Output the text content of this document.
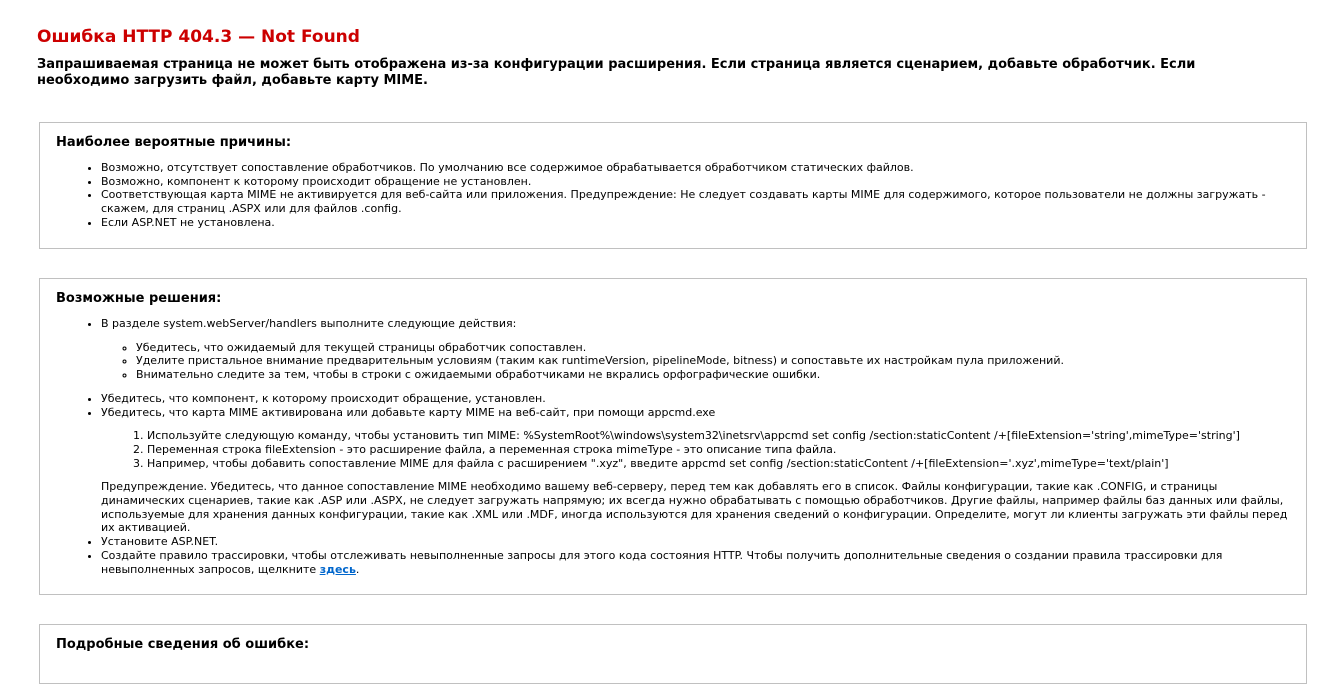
Ошибка HTTP 404.3 — Not Found
Запрашиваемая страница не может быть отображена из-за конфигурации расширения. Если страница является сценарием, добавьте обработчик. Если необходимо загрузить файл, добавьте карту MIME.
Наиболее вероятные причины:
• Возможно, отсутствует сопоставление обработчиков. По умолчанию все содержимое обрабатывается обработчиком статических файлов.
• Возможно, компонент к которому происходит обращение не установлен.
• Соответствующая карта MIME не активируется для веб-сайта или приложения. Предупреждение: Не следует создавать карты MIME для содержимого, которое пользователи не должны загружать - скажем, для страниц .ASPX или для файлов .config.
• Если ASP.NET не установлена.
Возможные решения:
• В разделе system.webServer/handlers выполните следующие действия:
◦ Убедитесь, что ожидаемый для текущей страницы обработчик сопоставлен.
◦ Уделите пристальное внимание предварительным условиям (таким как runtimeVersion, pipelineMode, bitness) и сопоставьте их настройкам пула приложений.
◦ Внимательно следите за тем, чтобы в строки с ожидаемыми обработчиками не вкрались орфографические ошибки.
• Убедитесь, что компонент, к которому происходит обращение, установлен.
• Убедитесь, что карта MIME активирована или добавьте карту MIME на веб-сайт, при помощи appcmd.exe
1. Используйте следующую команду, чтобы установить тип MIME: %SystemRoot%\windows\system32\inetsrv\appcmd set config /section:staticContent /+[fileExtension='string',mimeType='string']
2. Переменная строка fileExtension - это расширение файла, а переменная строка mimeType - это описание типа файла.
3. Например, чтобы добавить сопоставление MIME для файла с расширением ".xyz", введите appcmd set config /section:staticContent /+[fileExtension='.xyz',mimeType='text/plain']

Предупреждение. Убедитесь, что данное сопоставление MIME необходимо вашему веб-серверу, перед тем как добавлять его в список. Файлы конфигурации, такие как .CONFIG, и страницы динамических сценариев, такие как .ASP или .ASPX, не следует загружать напрямую; их всегда нужно обрабатывать с помощью обработчиков. Другие файлы, например файлы баз данных или файлы, используемые для хранения данных конфигурации, такие как .XML или .MDF, иногда используются для хранения сведений о конфигурации. Определите, могут ли клиенты загружать эти файлы перед их активацией.

• Установите ASP.NET.
• Создайте правило трассировки, чтобы отслеживать невыполненные запросы для этого кода состояния HTTP. Чтобы получить дополнительные сведения о создании правила трассировки для невыполненных запросов, щелкните здесь.
Подробные сведения об ошибке:
